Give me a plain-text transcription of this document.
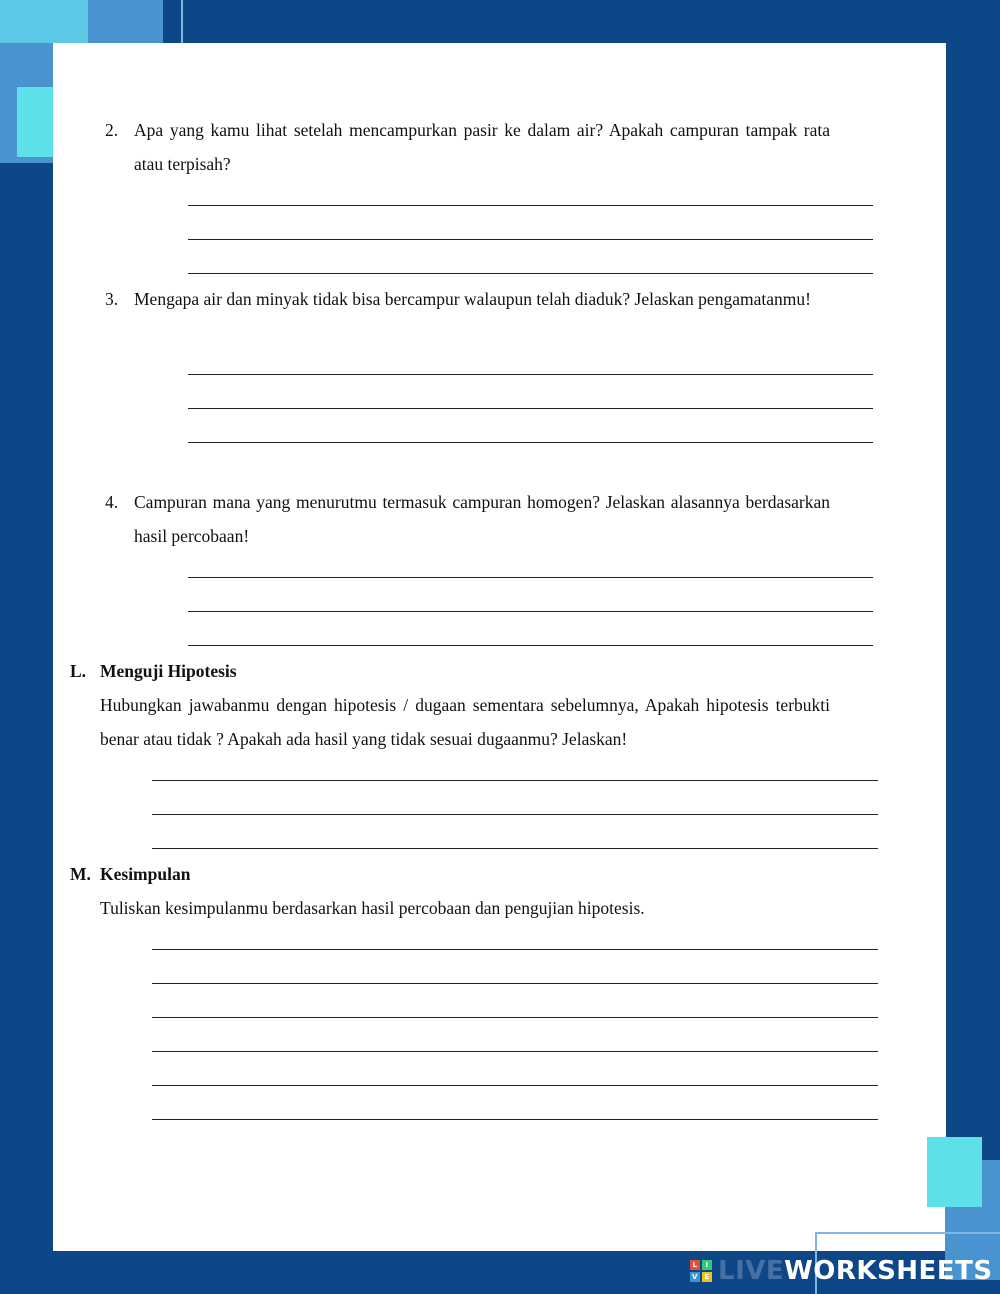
2. Apa yang kamu lihat setelah mencampurkan pasir ke dalam air? Apakah campuran tampak rata atau terpisah?
3. Mengapa air dan minyak tidak bisa bercampur walaupun telah diaduk? Jelaskan pengamatanmu!
4. Campuran mana yang menurutmu termasuk campuran homogen? Jelaskan alasannya berdasarkan hasil percobaan!
L. Menguji Hipotesis
Hubungkan jawabanmu dengan hipotesis / dugaan sementara sebelumnya, Apakah hipotesis terbukti benar atau tidak ? Apakah ada hasil yang tidak sesuai dugaanmu? Jelaskan!
M. Kesimpulan
Tuliskan kesimpulanmu berdasarkan hasil percobaan dan pengujian hipotesis.
L	I
V E LIVE WORKSHEETS
